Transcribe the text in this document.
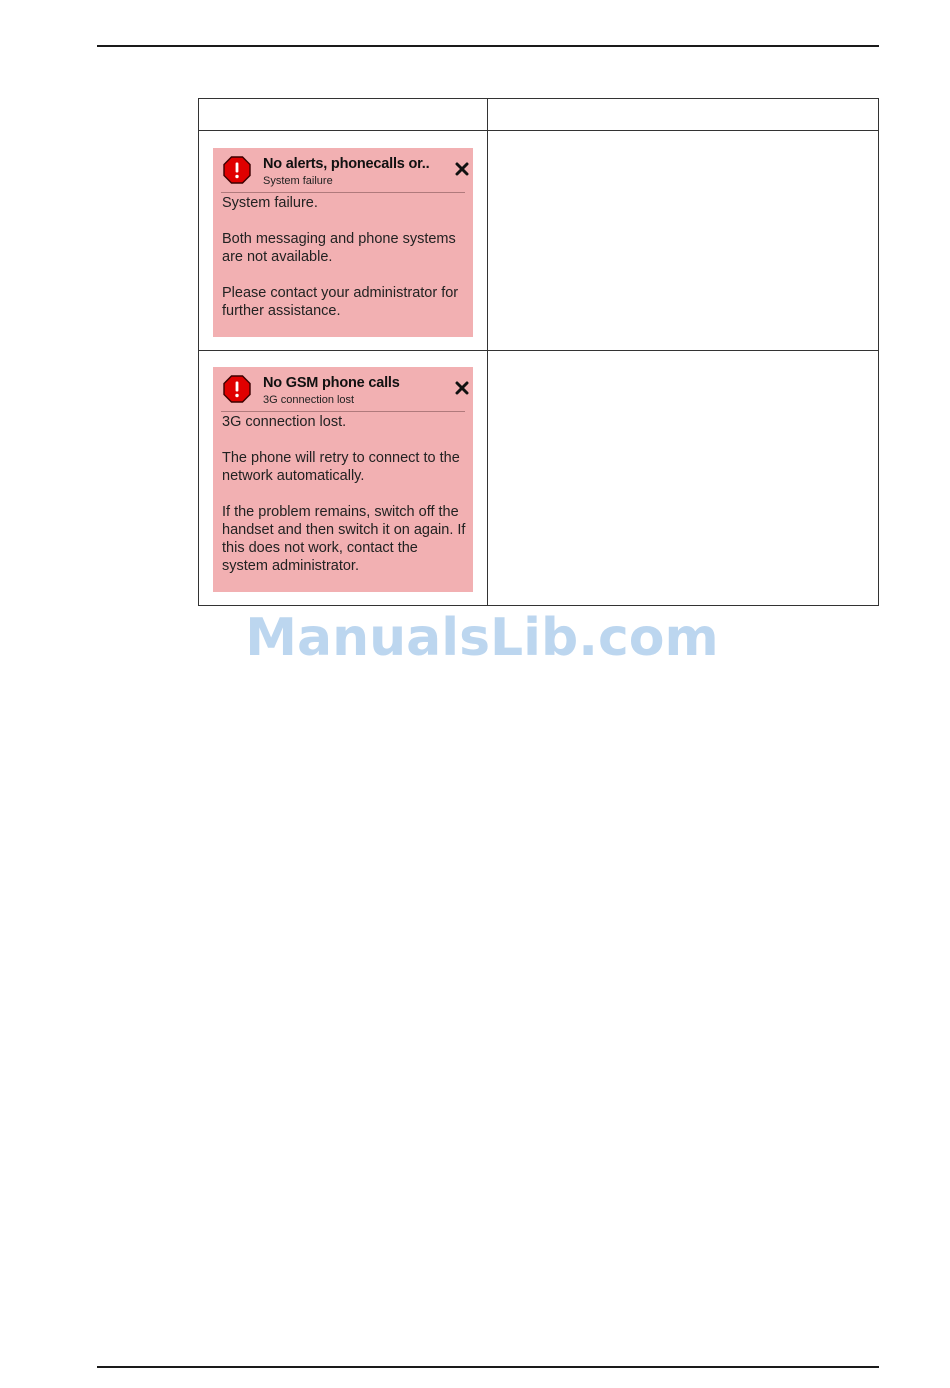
No alerts, phonecalls or..
System failure

System failure.

Both messaging and phone systems are not available.

Please contact your administrator for further assistance.

No GSM phone calls
3G connection lost

3G connection lost.

The phone will retry to connect to the network automatically.

If the problem remains, switch off the handset and then switch it on again. If this does not work, contact the system administrator.

ManualsLib.com
